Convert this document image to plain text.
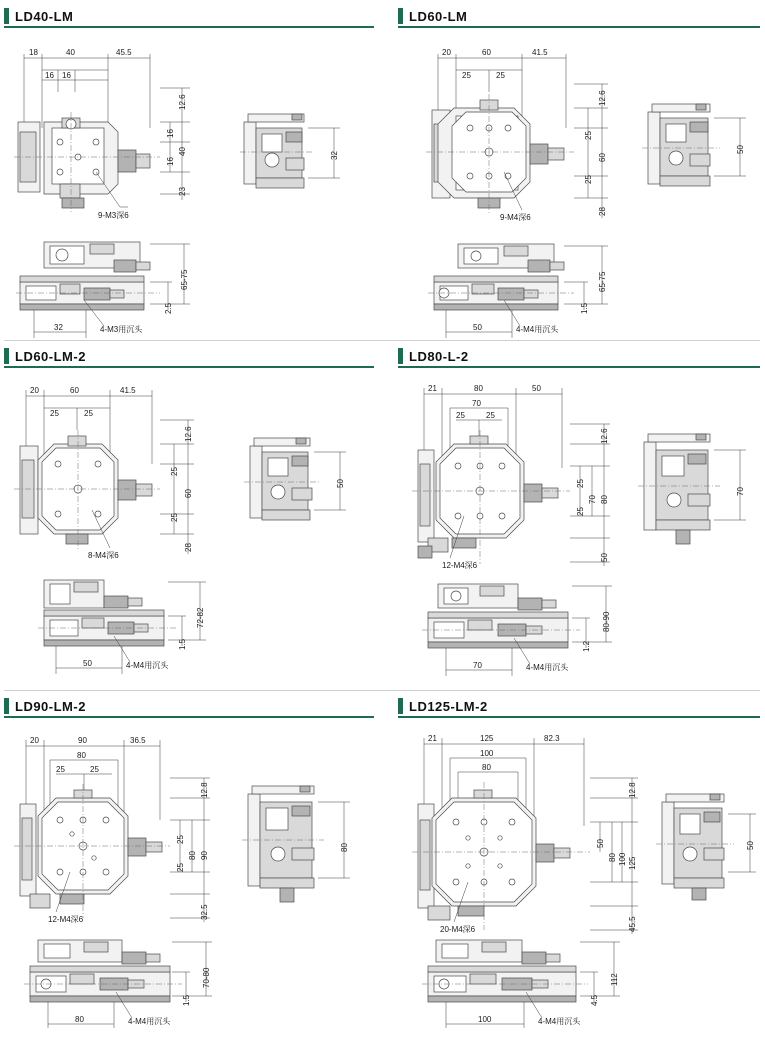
LD40-LM
18	40	45.5
16 16
12.6
16
16
40
23
9-M3深6
32
65-75
2.5
32	4-M3用沉头
LD60-LM
20	60	41.5
25	25
12.6
25
25
60
28
9-M4深6
50
65-75
1.5
50	4-M4用沉头
LD60-LM-2
20	60	41.5
25	25
12.6
25
25
60
28
8-M4深6
50
72-82
1.5
50	4-M4用沉头
LD80-L-2
21	80	50
70
25	25
12.6
25
25
70 80
50
12-M4深6
70
80-90
1.2
70	4-M4用沉头
LD90-LM-2
20	90	36.5
80
25	25
12.8
25
25
80 90
32.5
12-M4深6
80
70-80
1.5
80	4-M4用沉头
LD125-LM-2
21	125	82.3
100
80
12.8
50
80 100 125
45.5
20-M4深6
50
112
4.5
100	4-M4用沉头
